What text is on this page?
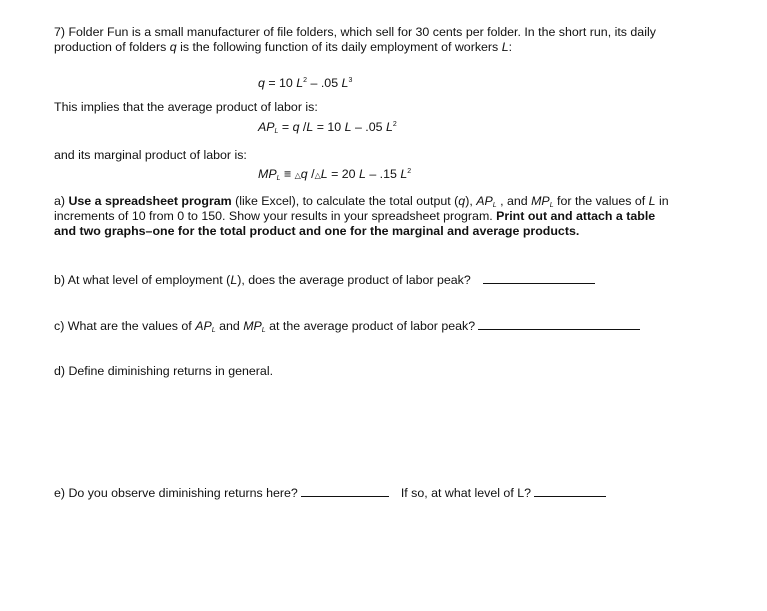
7) Folder Fun is a small manufacturer of file folders, which sell for 30 cents per folder. In the short run, its daily
production of folders q is the following function of its daily employment of workers L:
q = 10 $L^2 - .05$ $L^3$
This implies that the average product of labor is:
$AP_L = q$ /L = 10 L – .05 $L^2$
and its marginal product of labor is:
$MP_L$ ≡ △q /△L = 20 L – .15 $L^2$
a) Use a spreadsheet program (like Excel), to calculate the total output (q), $AP_L$ , and $MP_L$ for the values of L in
increments of 10 from 0 to 150. Show your results in your spreadsheet program. Print out and attach a table
and two graphs–one for the total product and one for the marginal and average products.
b) At what level of employment (L), does the average product of labor peak?
c) What are the values of $AP_L$ and $MP_L$ at the average product of labor peak?
d) Define diminishing returns in general.
e) Do you observe diminishing returns here?	If so, at what level of L?
